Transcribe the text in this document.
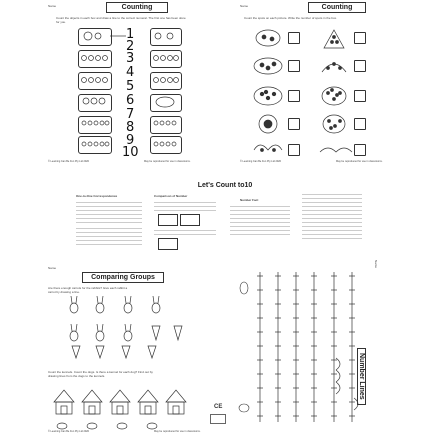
Name	Counting
Count the objects in each box and draw a line to the correct numeral. The first one has been done for you.
1
2
3
4
5
6
7
8
9
10
© Learning Can Be Fun Pty Ltd 2020	May be reproduced for use in classrooms.
Name	Counting
Count the spots on each picture. Write the number of spots in the box.
© Learning Can Be Fun Pty Ltd 2020	May be reproduced for use in classrooms.
Let's Count to10
One-to-One Correspondence	Comparison of Number
Number Fact
Name
Comparing Groups
Are there enough carrots for the rabbits? Give each rabbit a carrot by drawing a line.
Count the kennels. Count the dogs. Is there a kennel for each dog? Find out by drawing lines from the dogs to the kennels.
© Learning Can Be Fun Pty Ltd 2020	May be reproduced for use in classrooms.
CE
Number Lines
Name
